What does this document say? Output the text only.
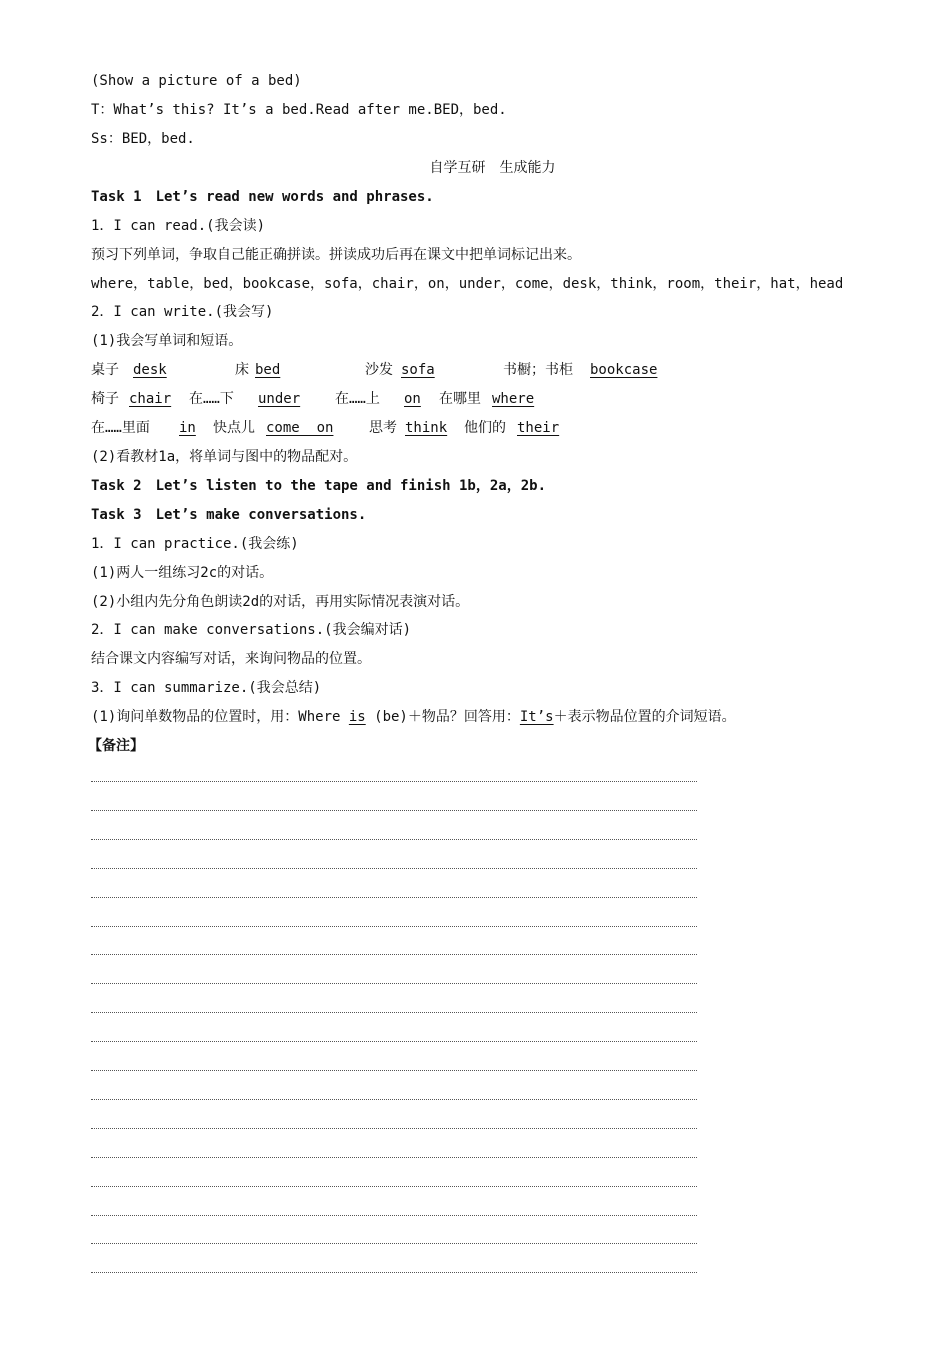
(Show a picture of a bed)
T：What’s this? It’s a bed.Read after me.BED，bed.
Ss：BED，bed.
自学互研　生成能力
Task 1　Let’s read new words and phrases.
1．I can read.(我会读)
预习下列单词，争取自己能正确拼读。拼读成功后再在课文中把单词标记出来。
where，table，bed，bookcase，sofa，chair，on，under，come，desk，think，room，their，hat，head
2．I can write.(我会写)
(1)我会写单词和短语。
桌子 desk	床 bed	沙发 sofa	书橱；书柜 bookcase
椅子 chair 在……下 under 在……上 on 在哪里 where
在……里面 in 快点儿 come  on	思考 think 他们的 their
(2)看教材1a，将单词与图中的物品配对。
Task 2　Let’s listen to the tape and finish 1b，2a，2b.
Task 3　Let’s make conversations.
1．I can practice.(我会练)
(1)两人一组练习2c的对话。
(2)小组内先分角色朗读2d的对话，再用实际情况表演对话。
2．I can make conversations.(我会编对话)
结合课文内容编写对话，来询问物品的位置。
3．I can summarize.(我会总结)
(1)询问单数物品的位置时，用：Where is (be)＋物品？回答用：It’s＋表示物品位置的介词短语。
【备注】
